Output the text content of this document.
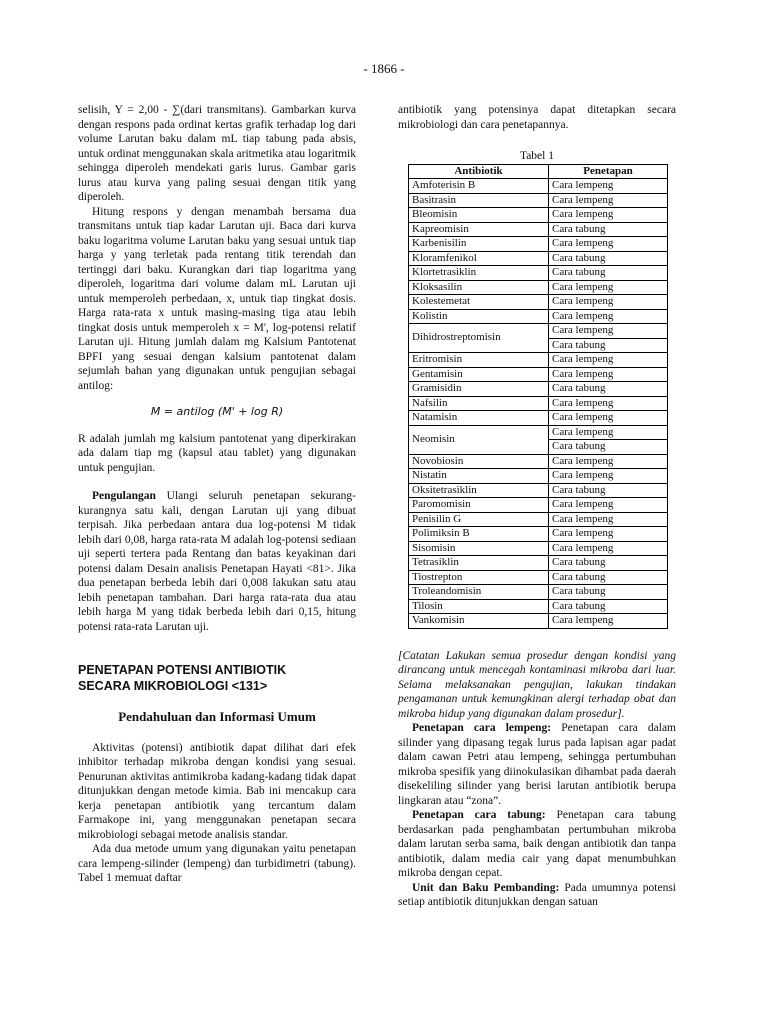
- 1866 -

selisih, Y = 2,00 - ∑(dari transmitans). Gambarkan kurva dengan respons pada ordinat kertas grafik terhadap log dari volume Larutan baku dalam mL tiap tabung pada absis, untuk ordinat menggunakan skala aritmetika atau logaritmik sehingga diperoleh mendekati garis lurus. Gambar garis lurus atau kurva yang paling sesuai dengan titik yang diperoleh.

Hitung respons y dengan menambah bersama dua transmitans untuk tiap kadar Larutan uji. Baca dari kurva baku logaritma volume Larutan baku yang sesuai untuk tiap harga y yang terletak pada rentang titik terendah dan tertinggi dari baku. Kurangkan dari tiap logaritma yang diperoleh, logaritma dari volume dalam mL Larutan uji untuk memperoleh perbedaan, x, untuk tiap tingkat dosis. Harga rata-rata x untuk masing-masing tiga atau lebih tingkat dosis untuk memperoleh x = M', log-potensi relatif Larutan uji. Hitung jumlah dalam mg Kalsium Pantotenat BPFI yang sesuai dengan kalsium pantotenat dalam sejumlah bahan yang digunakan untuk pengujian sebagai antilog:

M = antilog (M' + log R)

R adalah jumlah mg kalsium pantotenat yang diperkirakan ada dalam tiap mg (kapsul atau tablet) yang digunakan untuk pengujian.

Pengulangan Ulangi seluruh penetapan sekurang-kurangnya satu kali, dengan Larutan uji yang dibuat terpisah. Jika perbedaan antara dua log-potensi M tidak lebih dari 0,08, harga rata-rata M adalah log-potensi sediaan uji seperti tertera pada Rentang dan batas keyakinan dari potensi dalam Desain analisis Penetapan Hayati <81>. Jika dua penetapan berbeda lebih dari 0,008 lakukan satu atau lebih penetapan tambahan. Dari harga rata-rata dua atau lebih harga M yang tidak berbeda lebih dari 0,15, hitung potensi rata-rata Larutan uji.

PENETAPAN POTENSI ANTIBIOTIK

SECARA MIKROBIOLOGI <131>

Pendahuluan dan Informasi Umum

Aktivitas (potensi) antibiotik dapat dilihat dari efek inhibitor terhadap mikroba dengan kondisi yang sesuai. Penurunan aktivitas antimikroba kadang-kadang tidak dapat ditunjukkan dengan metode kimia. Bab ini mencakup cara kerja penetapan antibiotik yang tercantum dalam Farmakope ini, yang menggunakan penetapan secara mikrobiologi sebagai metode analisis standar.

Ada dua metode umum yang digunakan yaitu penetapan cara lempeng-silinder (lempeng) dan turbidimetri (tabung). Tabel 1 memuat daftar

antibiotik yang potensinya dapat ditetapkan secara mikrobiologi dan cara penetapannya.

Tabel 1

Antibiotik	Penetapan
Amfoterisin B	Cara lempeng
Basitrasin	Cara lempeng
Bleomisin	Cara lempeng
Kapreomisin	Cara tabung
Karbenisilin	Cara lempeng
Kloramfenikol	Cara tabung
Klortetrasiklin	Cara tabung
Kloksasilin	Cara lempeng
Kolestemetat	Cara lempeng
Kolistin	Cara lempeng
Dihidrostreptomisin	Cara lempeng
	Cara tabung
Eritromisin	Cara lempeng
Gentamisin	Cara lempeng
Gramisidin	Cara tabung
Nafsilin	Cara lempeng
Natamisin	Cara lempeng
Neomisin	Cara lempeng
	Cara tabung
Novobiosin	Cara lempeng
Nistatin	Cara lempeng
Oksitetrasiklin	Cara tabung
Paromomisin	Cara lempeng
Penisilin G	Cara lempeng
Polimiksin B	Cara lempeng
Sisomisin	Cara lempeng
Tetrasiklin	Cara tabung
Tiostrepton	Cara tabung
Troleandomisin	Cara tabung
Tilosin	Cara tabung
Vankomisin	Cara lempeng

[Catatan Lakukan semua prosedur dengan kondisi yang dirancang untuk mencegah kontaminasi mikroba dari luar. Selama melaksanakan pengujian, lakukan tindakan pengamanan untuk kemungkinan alergi terhadap obat dan mikroba hidup yang digunakan dalam prosedur].

Penetapan cara lempeng: Penetapan cara dalam silinder yang dipasang tegak lurus pada lapisan agar padat dalam cawan Petri atau lempeng, sehingga pertumbuhan mikroba spesifik yang diinokulasikan dihambat pada daerah disekeliling silinder yang berisi larutan antibiotik berupa lingkaran atau “zona”.

Penetapan cara tabung: Penetapan cara tabung berdasarkan pada penghambatan pertumbuhan mikroba dalam larutan serba sama, baik dengan antibiotik dan tanpa antibiotik, dalam media cair yang dapat menumbuhkan mikroba dengan cepat.

Unit dan Baku Pembanding: Pada umumnya potensi setiap antibiotik ditunjukkan dengan satuan
